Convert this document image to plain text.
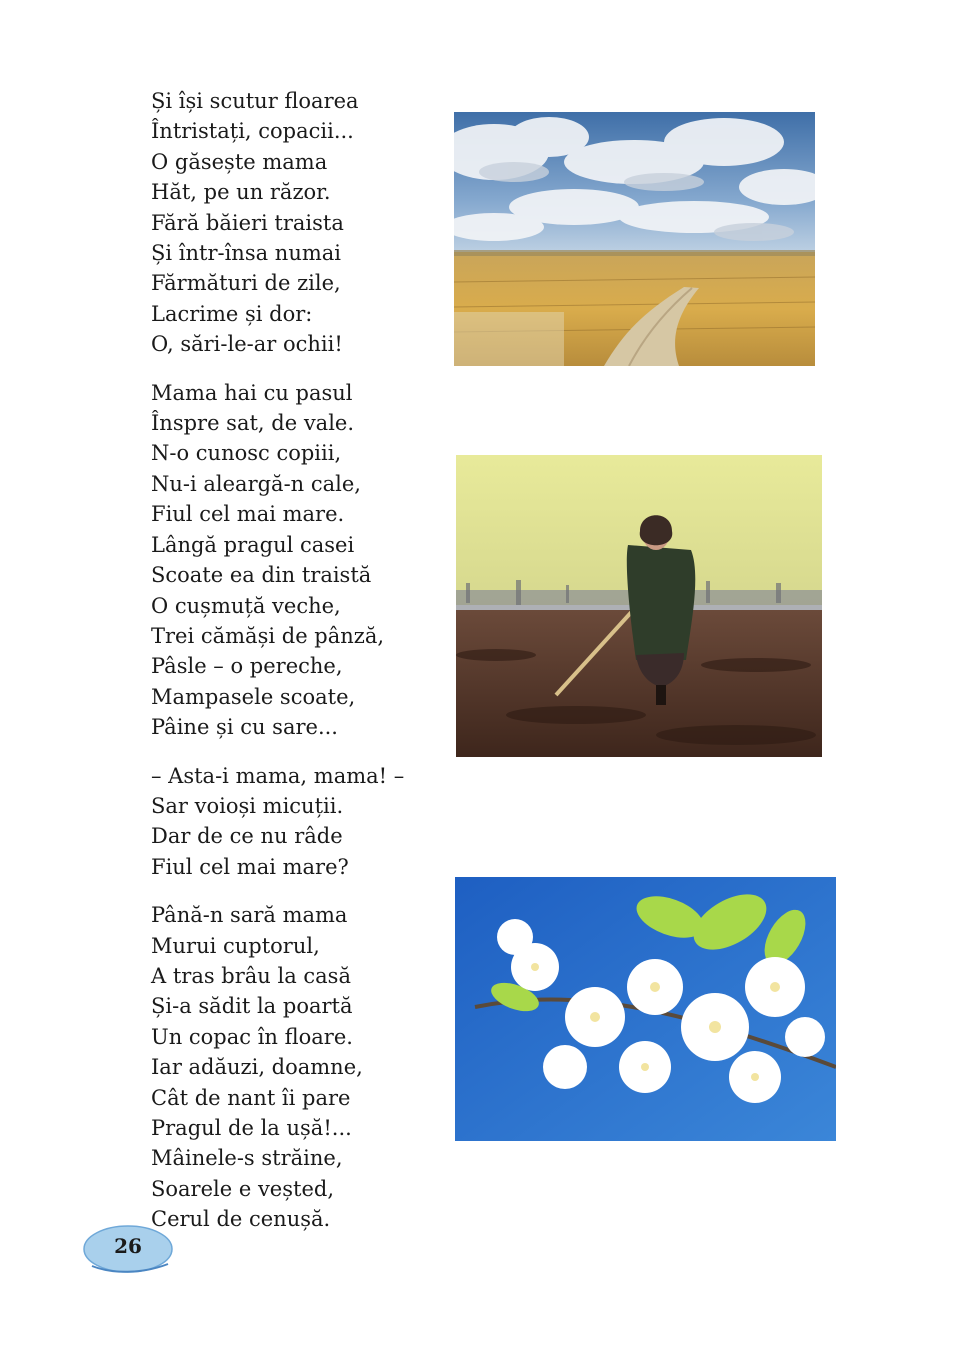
Și își scutur floarea
Întristați, copacii...
O găsește mama
Hăt, pe un răzor.
Fără băieri traista
Și într-însa numai
Fărmături de zile,
Lacrime și dor:
O, sări-le-ar ochii!
Mama hai cu pasul
Înspre sat, de vale.
N-o cunosc copiii,
Nu-i aleargă-n cale,
Fiul cel mai mare.
Lângă pragul casei
Scoate ea din traistă
O cușmuță veche,
Trei cămăși de pânză,
Pâsle – o pereche,
Mampasele scoate,
Pâine și cu sare...
– Asta-i mama, mama! –
Sar voioși micuții.
Dar de ce nu râde
Fiul cel mai mare?
Până-n sară mama
Murui cuptorul,
A tras brâu la casă
Și-a sădit la poartă
Un copac în floare.
Iar adăuzi, doamne,
Cât de nant îi pare
Pragul de la ușă!...
Mâinele-s străine,
Soarele e veșted,
Cerul de cenușă.
26
